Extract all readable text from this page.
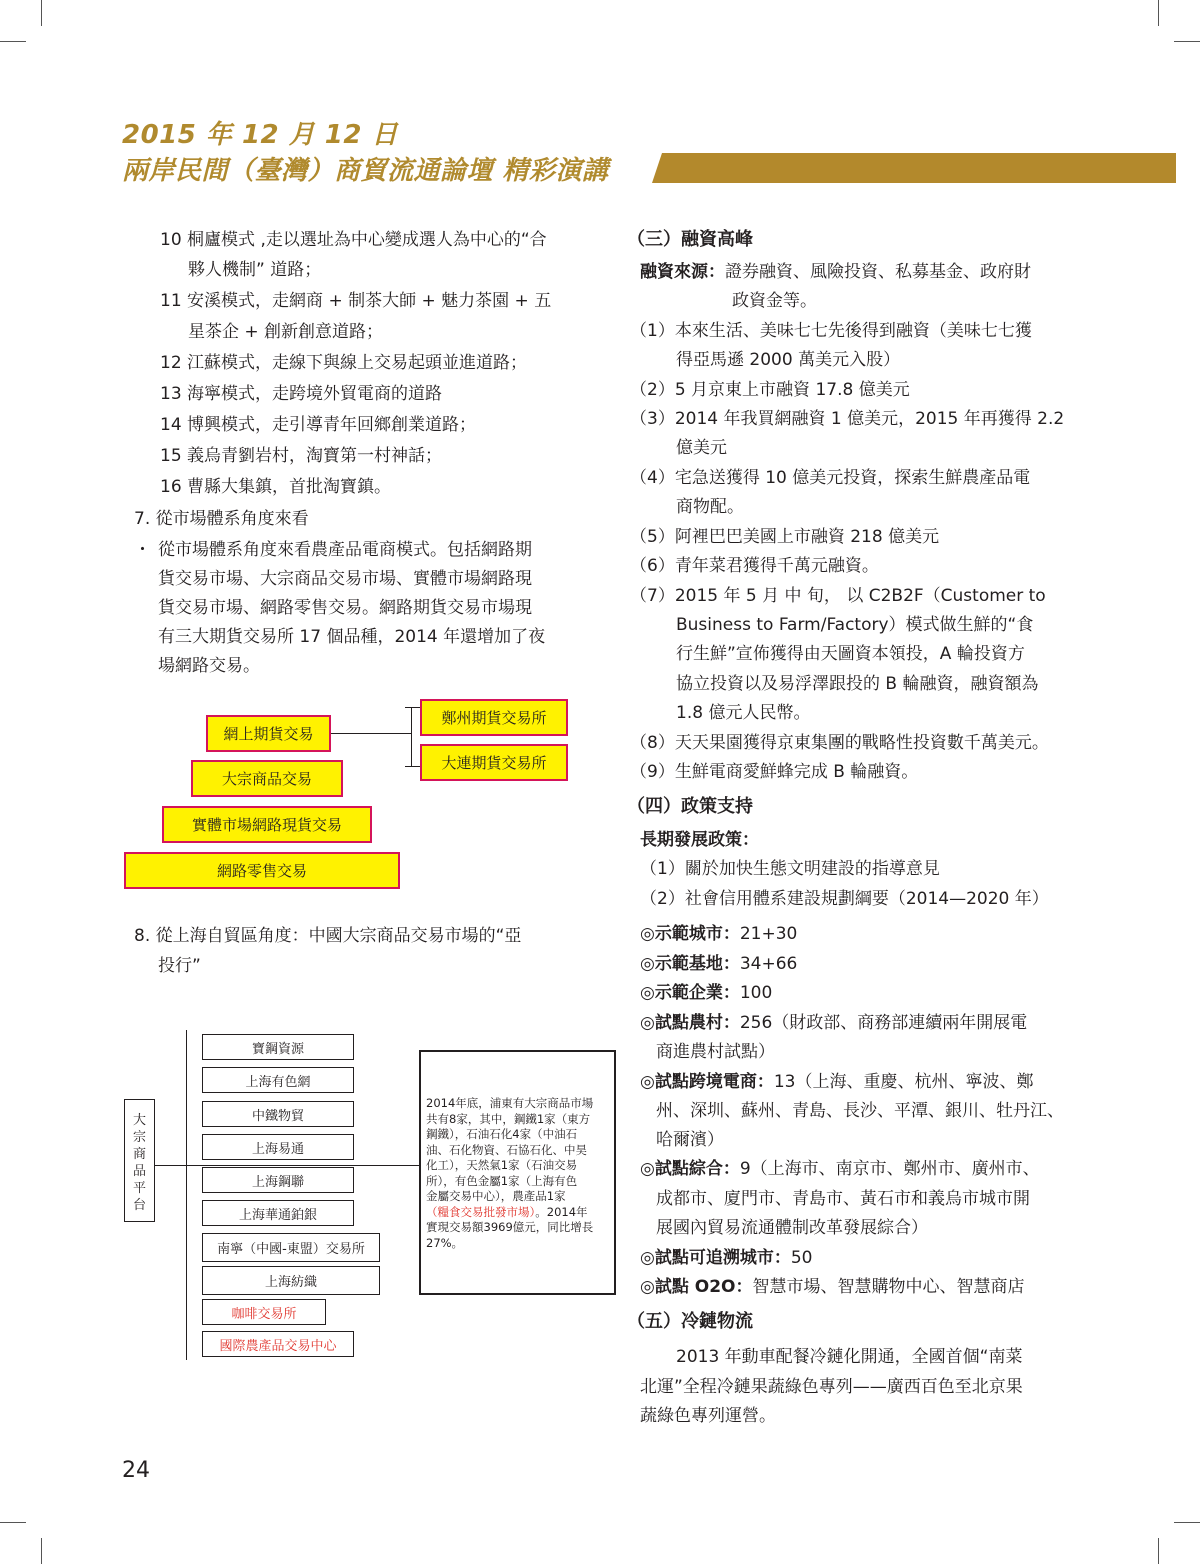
2015 年 12 月 12 日
兩岸民間（臺灣）商貿流通論壇 精彩演講
10 桐廬模式 ,走以選址為中心變成選人為中心的“合
夥人機制” 道路；
11 安溪模式，走網商 + 制茶大師 + 魅力茶園 + 五
星茶企 + 創新創意道路；
12 江蘇模式，走線下與線上交易起頭並進道路；
13 海寧模式，走跨境外貿電商的道路
14 博興模式，走引導青年回鄉創業道路；
15 義烏青劉岩村，淘寶第一村神話；
16 曹縣大集鎮，首批淘寶鎮。
7. 從市場體系角度來看
・ 從市場體系角度來看農產品電商模式。包括網路期
貨交易市場、大宗商品交易市場、實體市場網路現
貨交易市場、網路零售交易。網路期貨交易市場現
有三大期貨交易所 17 個品種，2014 年還增加了夜
場網路交易。
網上期貨交易
大宗商品交易
實體市場網路現貨交易
網路零售交易
鄭州期貨交易所
大連期貨交易所
8. 從上海自貿區角度：中國大宗商品交易市場的“亞
投行”
大
宗
商
品
平
台
寶鋼資源
上海有色網
中鐵物貿
上海易通
上海鋼聯
上海華通鉑銀
南寧（中國-東盟）交易所
上海紡織
咖啡交易所
國際農產品交易中心
2014年底，浦東有大宗商品市場
共有8家，其中，鋼鐵1家（東方
鋼鐵），石油石化4家（中油石
油、石化物資、石協石化、中昊
化工），天然氣1家（石油交易
所），有色金屬1家（上海有色
金屬交易中心），農產品1家
（糧食交易批發市場）。2014年
實現交易額3969億元，同比增長
27%。
（三）融資高峰
融資來源：證券融資、風險投資、私募基金、政府財
政資金等。
（1）本來生活、美味七七先後得到融資（美味七七獲
得亞馬遜 2000 萬美元入股）
（2）5 月京東上市融資 17.8 億美元
（3）2014 年我買網融資 1 億美元，2015 年再獲得 2.2
億美元
（4）宅急送獲得 10 億美元投資，探索生鮮農產品電
商物配。
（5）阿裡巴巴美國上市融資 218 億美元
（6）青年菜君獲得千萬元融資。
（7）2015 年 5 月 中 旬， 以 C2B2F（Customer to
Business to Farm/Factory）模式做生鮮的“食
行生鮮”宣佈獲得由天圖資本領投，A 輪投資方
協立投資以及易浮澤跟投的 B 輪融資，融資額為
1.8 億元人民幣。
（8）天天果園獲得京東集團的戰略性投資數千萬美元。
（9）生鮮電商愛鮮蜂完成 B 輪融資。
（四）政策支持
長期發展政策：
（1）關於加快生態文明建設的指導意見
（2）社會信用體系建設規劃綱要（2014—2020 年）
◎示範城市：21+30
◎示範基地：34+66
◎示範企業：100
◎試點農村：256（財政部、商務部連續兩年開展電
商進農村試點）
◎試點跨境電商：13（上海、重慶、杭州、寧波、鄭
州、深圳、蘇州、青島、長沙、平潭、銀川、牡丹江、
哈爾濱）
◎試點綜合：9（上海市、南京市、鄭州市、廣州市、
成都市、廈門市、青島市、黃石市和義烏市城市開
展國內貿易流通體制改革發展綜合）
◎試點可追溯城市：50
◎試點 O2O：智慧市場、智慧購物中心、智慧商店
（五）冷鏈物流
2013 年動車配餐冷鏈化開通，全國首個“南菜
北運”全程冷鏈果蔬綠色專列——廣西百色至北京果
蔬綠色專列運營。
24
